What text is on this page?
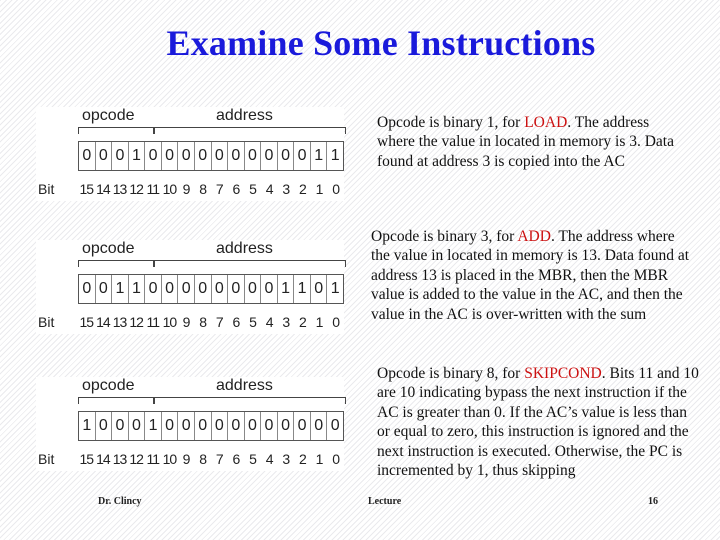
Examine Some Instructions
opcode	address
0 0 0 1 0 0 0 0 0 0 0 0 0 0 1 1
Bit 15 14 13 12 11 10 9 8 7 6 5 4 3 2 1 0
Opcode is binary 1, for LOAD. The address where the value in located in memory is 3. Data found at address 3 is copied into the AC
opcode	address
0 0 1 1 0 0 0 0 0 0 0 0 1 1 0 1
Bit 15 14 13 12 11 10 9 8 7 6 5 4 3 2 1 0
Opcode is binary 3, for ADD. The address where the value in located in memory is 13. Data found at address 13 is placed in the MBR, then the MBR value is added to the value in the AC, and then the value in the AC is over-written with the sum
opcode	address
1 0 0 0 1 0 0 0 0 0 0 0 0 0 0 0
Bit 15 14 13 12 11 10 9 8 7 6 5 4 3 2 1 0
Opcode is binary 8, for SKIPCOND. Bits 11 and 10 are 10 indicating bypass the next instruction if the AC is greater than 0. If the AC’s value is less than or equal to zero, this instruction is ignored and the next instruction is executed. Otherwise, the PC is incremented by 1, thus skipping
Dr. Clincy	Lecture	16
